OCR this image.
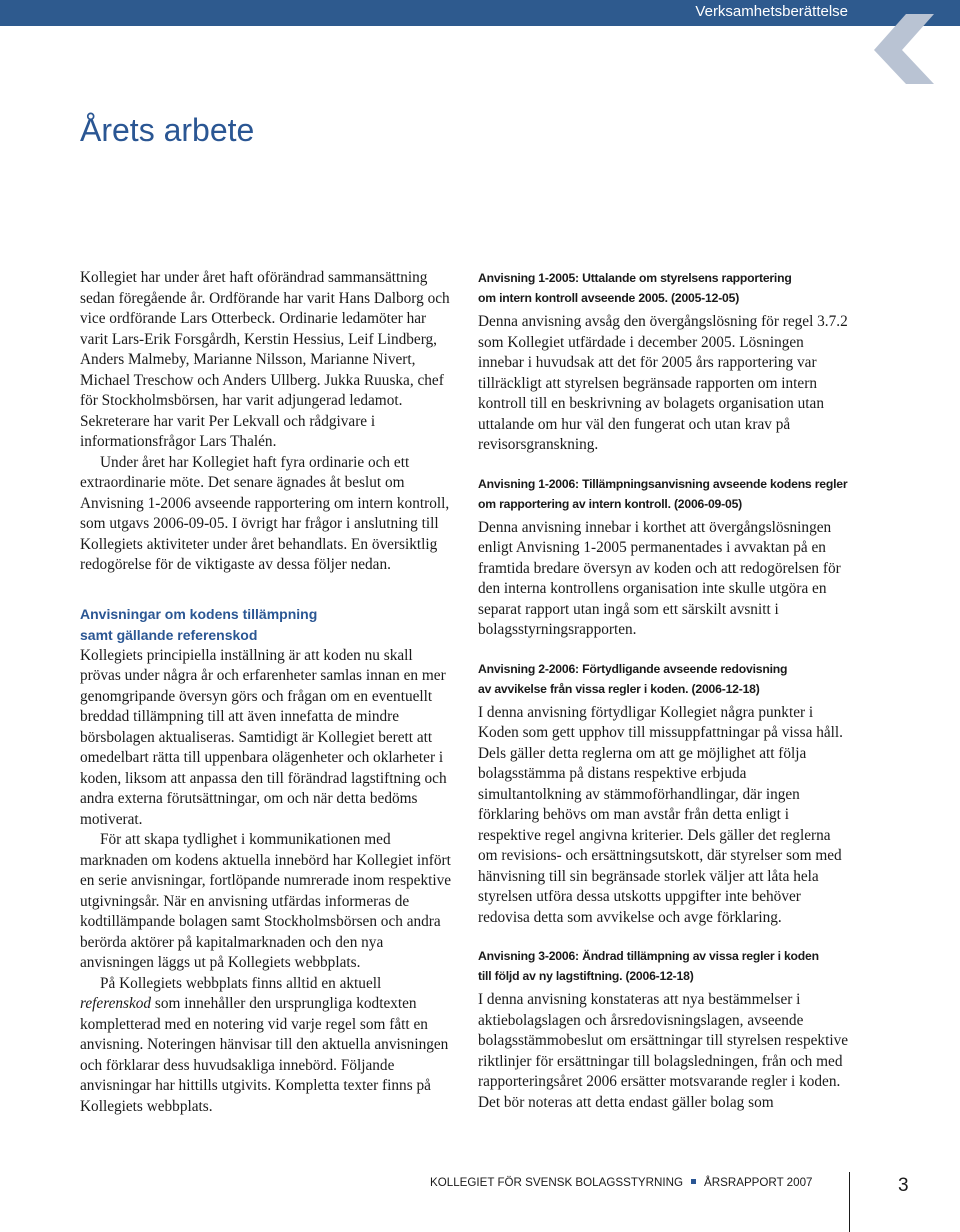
Verksamhetsberättelse
Årets arbete

Kollegiet har under året haft oförändrad sammansättning sedan föregående år. Ordförande har varit Hans Dalborg och vice ordförande Lars Otterbeck. Ordinarie ledamöter har varit Lars-Erik Forsgårdh, Kerstin Hessius, Leif Lindberg, Anders Malmeby, Marianne Nilsson, Marianne Nivert, Michael Treschow och Anders Ullberg. Jukka Ruuska, chef för Stockholmsbörsen, har varit adjungerad ledamot. Sekreterare har varit Per Lekvall och rådgivare i informationsfrågor Lars Thalén.

Under året har Kollegiet haft fyra ordinarie och ett extraordinarie möte. Det senare ägnades åt beslut om Anvisning 1-2006 avseende rapportering om intern kontroll, som utgavs 2006-09-05. I övrigt har frågor i anslutning till Kollegiets aktiviteter under året behandlats. En översiktlig redogörelse för de viktigaste av dessa följer nedan.

Anvisningar om kodens tillämpning
samt gällande referenskod

Kollegiets principiella inställning är att koden nu skall prövas under några år och erfarenheter samlas innan en mer genomgripande översyn görs och frågan om en eventuellt breddad tillämpning till att även innefatta de mindre börsbolagen aktualiseras. Samtidigt är Kollegiet berett att omedelbart rätta till uppenbara olägenheter och oklarheter i koden, liksom att anpassa den till förändrad lagstiftning och andra externa förutsättningar, om och när detta bedöms motiverat.

För att skapa tydlighet i kommunikationen med marknaden om kodens aktuella innebörd har Kollegiet infört en serie anvisningar, fortlöpande numrerade inom respektive utgivningsår. När en anvisning utfärdas informeras de kodtillämpande bolagen samt Stockholmsbörsen och andra berörda aktörer på kapitalmarknaden och den nya anvisningen läggs ut på Kollegiets webbplats.

På Kollegiets webbplats finns alltid en aktuell referenskod som innehåller den ursprungliga kodtexten kompletterad med en notering vid varje regel som fått en anvisning. Noteringen hänvisar till den aktuella anvisningen och förklarar dess huvudsakliga innebörd. Följande anvisningar har hittills utgivits. Kompletta texter finns på Kollegiets webbplats.

Anvisning 1-2005: Uttalande om styrelsens rapportering
om intern kontroll avseende 2005. (2005-12-05)

Denna anvisning avsåg den övergångslösning för regel 3.7.2 som Kollegiet utfärdade i december 2005. Lösningen innebar i huvudsak att det för 2005 års rapportering var tillräckligt att styrelsen begränsade rapporten om intern kontroll till en beskrivning av bolagets organisation utan uttalande om hur väl den fungerat och utan krav på revisorsgranskning.

Anvisning 1-2006: Tillämpningsanvisning avseende kodens regler
om rapportering av intern kontroll. (2006-09-05)

Denna anvisning innebar i korthet att övergångslösningen enligt Anvisning 1-2005 permanentades i avvaktan på en framtida bredare översyn av koden och att redogörelsen för den interna kontrollens organisation inte skulle utgöra en separat rapport utan ingå som ett särskilt avsnitt i bolagsstyrningsrapporten.

Anvisning 2-2006: Förtydligande avseende redovisning
av avvikelse från vissa regler i koden. (2006-12-18)

I denna anvisning förtydligar Kollegiet några punkter i Koden som gett upphov till missuppfattningar på vissa håll. Dels gäller detta reglerna om att ge möjlighet att följa bolagsstämma på distans respektive erbjuda simultantolkning av stämmoförhandlingar, där ingen förklaring behövs om man avstår från detta enligt i respektive regel angivna kriterier. Dels gäller det reglerna om revisions- och ersättningsutskott, där styrelser som med hänvisning till sin begränsade storlek väljer att låta hela styrelsen utföra dessa utskotts uppgifter inte behöver redovisa detta som avvikelse och avge förklaring.

Anvisning 3-2006: Ändrad tillämpning av vissa regler i koden
till följd av ny lagstiftning. (2006-12-18)

I denna anvisning konstateras att nya bestämmelser i aktiebolagslagen och årsredovisningslagen, avseende bolagsstämmobeslut om ersättningar till styrelsen respektive riktlinjer för ersättningar till bolagsledningen, från och med rapporteringsåret 2006 ersätter motsvarande regler i koden. Det bör noteras att detta endast gäller bolag som

KOLLEGIET FÖR SVENSK BOLAGSSTYRNING ÅRSRAPPORT 2007	3
